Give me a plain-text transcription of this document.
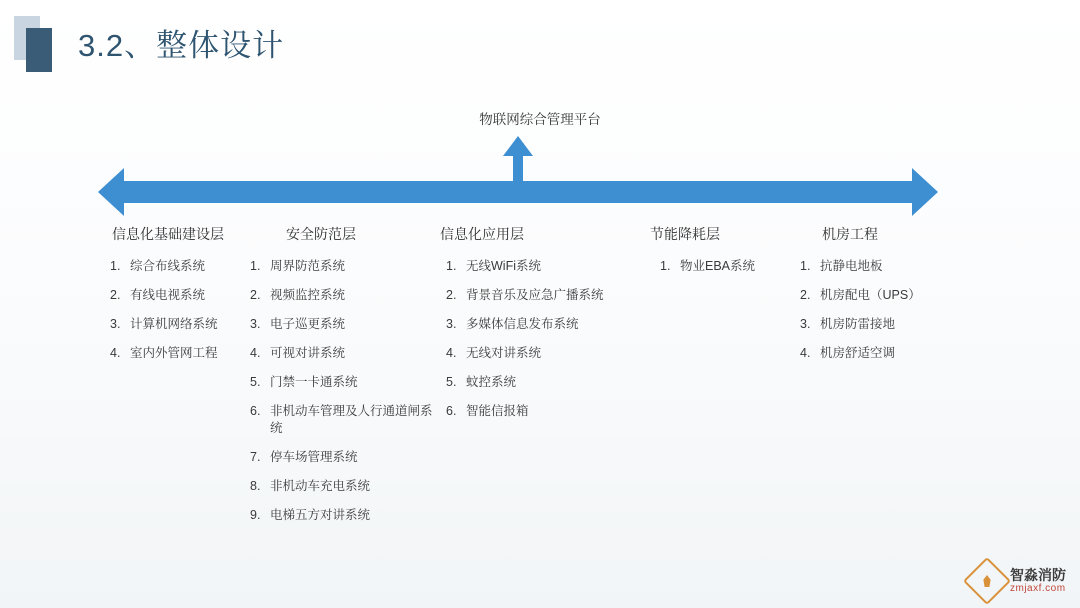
3.2、整体设计
物联网综合管理平台
信息化基础建设层
1. 综合布线系统
2. 有线电视系统
3. 计算机网络系统
4. 室内外管网工程
安全防范层
1. 周界防范系统
2. 视频监控系统
3. 电子巡更系统
4. 可视对讲系统
5. 门禁一卡通系统
6. 非机动车管理及人行通道闸系统
7. 停车场管理系统
8. 非机动车充电系统
9. 电梯五方对讲系统
信息化应用层
1. 无线WiFi系统
2. 背景音乐及应急广播系统
3. 多媒体信息发布系统
4. 无线对讲系统
5. 蚊控系统
6. 智能信报箱
节能降耗层
1. 物业EBA系统
机房工程
1. 抗静电地板
2. 机房配电（UPS）
3. 机房防雷接地
4. 机房舒适空调
智淼消防
zmjaxf.com
